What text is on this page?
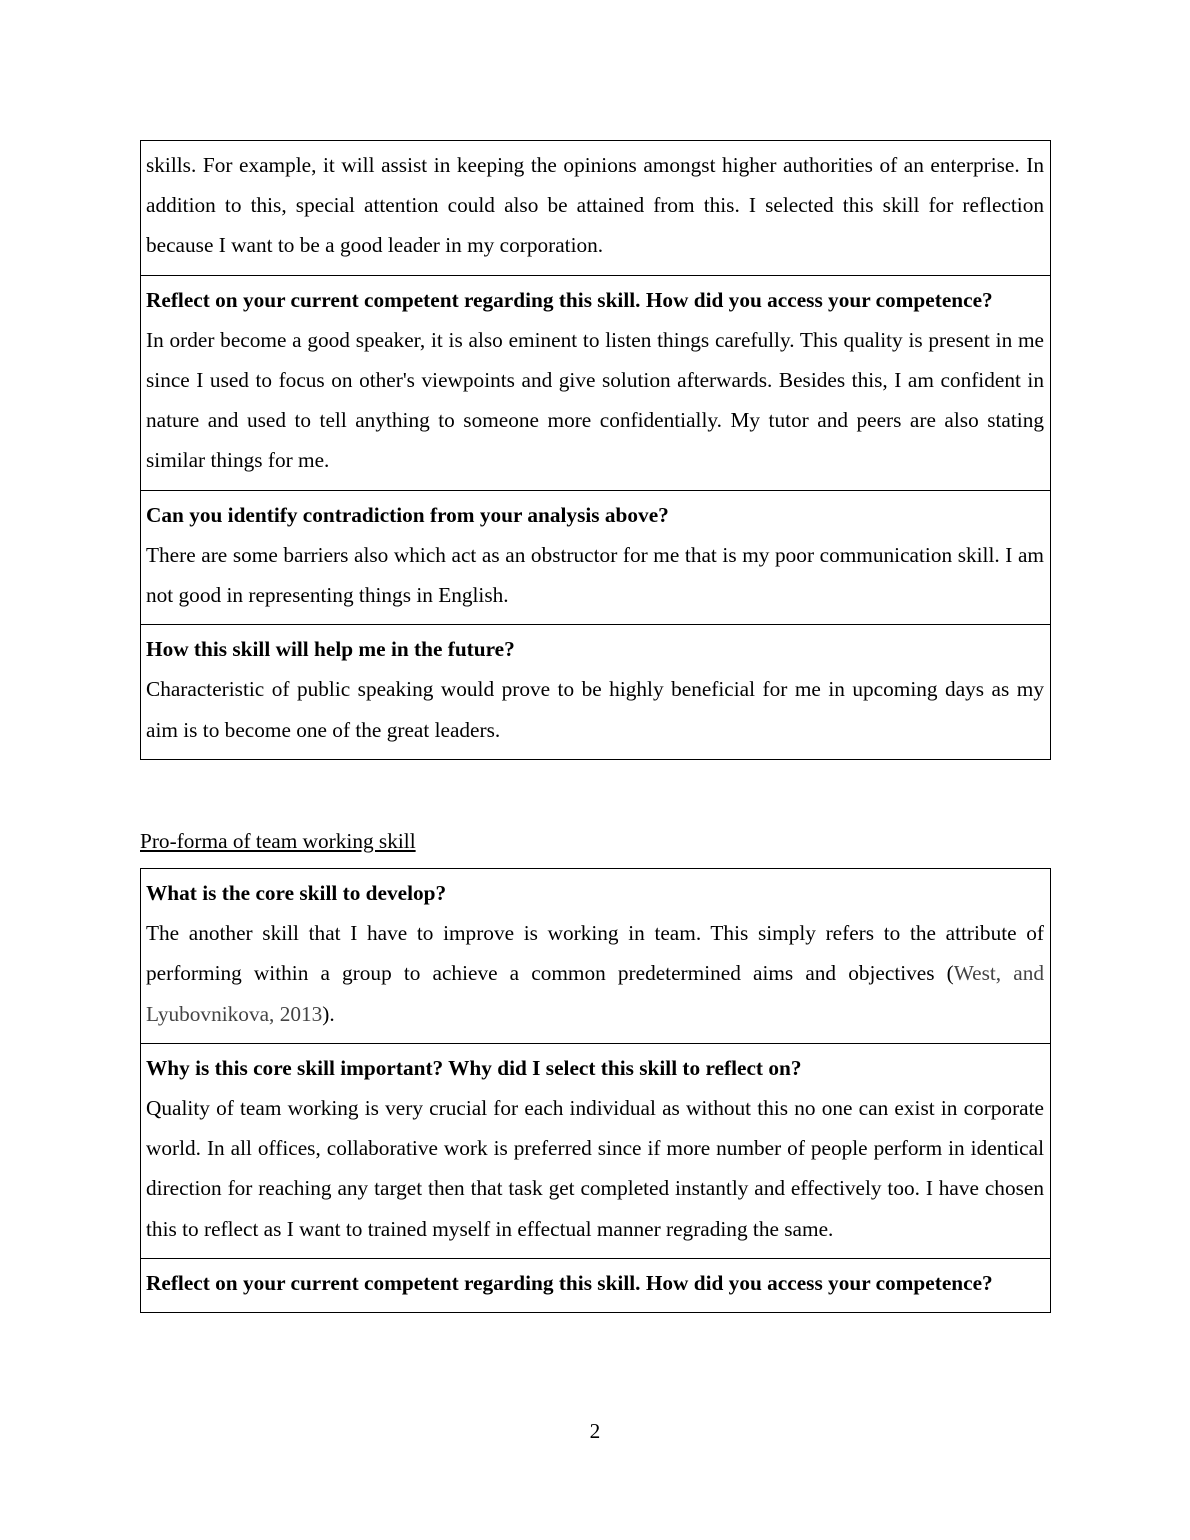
skills. For example, it will assist in keeping the opinions amongst higher authorities of an enterprise. In addition to this, special attention could also be attained from this. I selected this skill for reflection because I want to be a good leader in my corporation.

Reflect on your current competent regarding this skill. How did you access your competence?

In order become a good speaker, it is also eminent to listen things carefully. This quality is present in me since I used to focus on other's viewpoints and give solution afterwards. Besides this, I am confident in nature and used to tell anything to someone more confidentially. My tutor and peers are also stating similar things for me.

Can you identify contradiction from your analysis above?

There are some barriers also which act as an obstructor for me that is my poor communication skill. I am not good in representing things in English.

How this skill will help me in the future?

Characteristic of public speaking would prove to be highly beneficial for me in upcoming days as my aim is to become one of the great leaders.

Pro-forma of team working skill

What is the core skill to develop?

The another skill that I have to improve is working in team. This simply refers to the attribute of performing within a group to achieve a common predetermined aims and objectives (West, and Lyubovnikova, 2013).

Why is this core skill important? Why did I select this skill to reflect on?

Quality of team working is very crucial for each individual as without this no one can exist in corporate world. In all offices, collaborative work is preferred since if more number of people perform in identical direction for reaching any target then that task get completed instantly and effectively too. I have chosen this to reflect as I want to trained myself in effectual manner regrading the same.

Reflect on your current competent regarding this skill. How did you access your competence?

2
